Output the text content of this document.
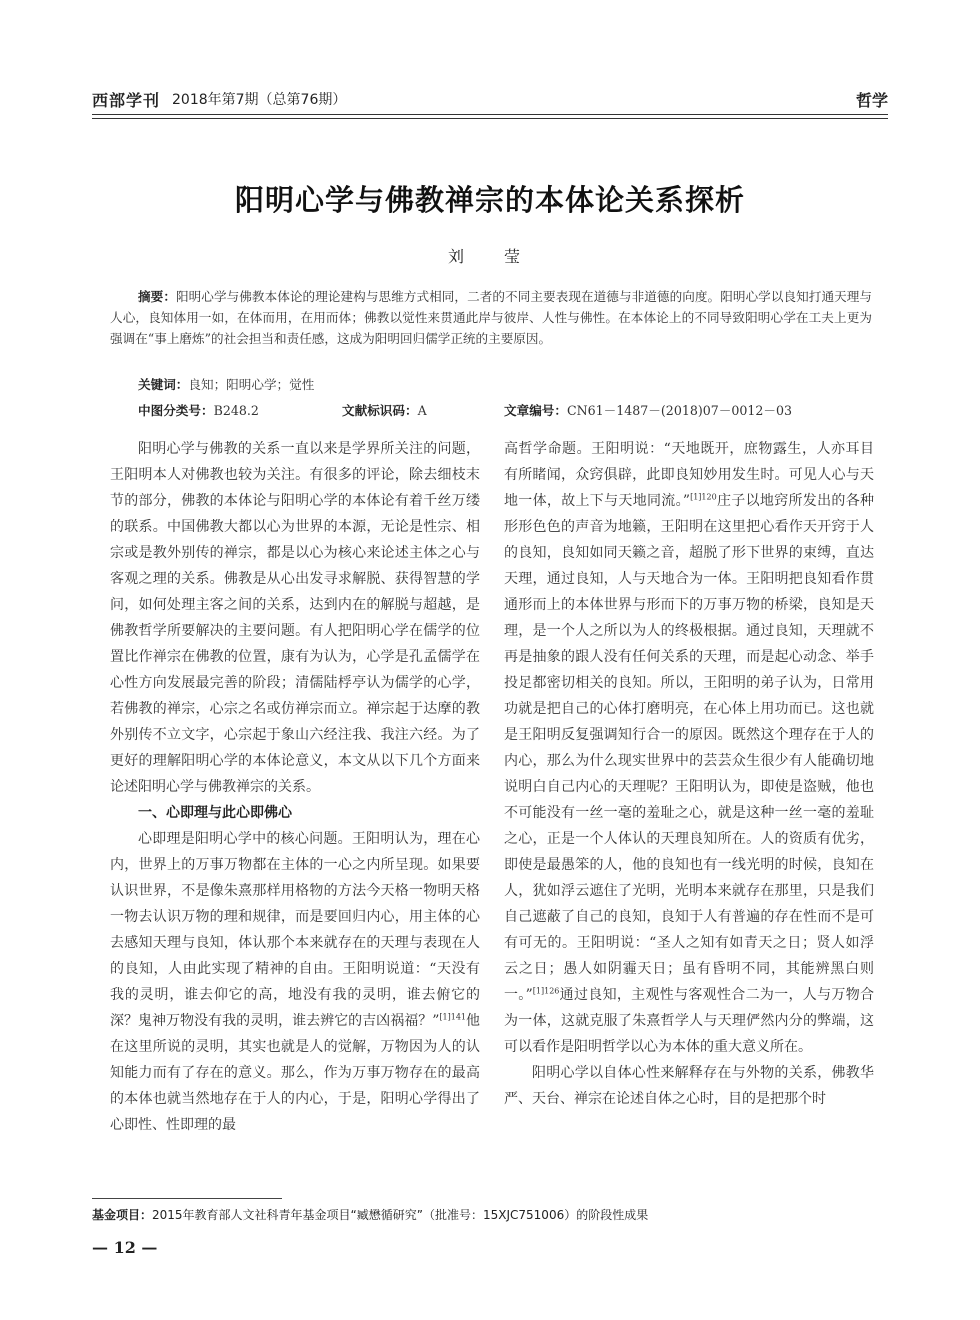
西部学刊 2018年第7期（总第76期）	哲学
阳明心学与佛教禅宗的本体论关系探析
刘　莹
摘要：阳明心学与佛教本体论的理论建构与思维方式相同，二者的不同主要表现在道德与非道德的向度。阳明心学以良知打通天理与人心，良知体用一如，在体而用，在用而体；佛教以觉性来贯通此岸与彼岸、人性与佛性。在本体论上的不同导致阳明心学在工夫上更为强调在“事上磨炼”的社会担当和责任感，这成为阳明回归儒学正统的主要原因。
关键词：良知；阳明心学；觉性
中图分类号：B248.2	文献标识码：A	文章编号：CN61－1487－(2018)07－0012－03

阳明心学与佛教的关系一直以来是学界所关注的问题，王阳明本人对佛教也较为关注。有很多的评论，除去细枝末节的部分，佛教的本体论与阳明心学的本体论有着千丝万缕的联系。中国佛教大都以心为世界的本源，无论是性宗、相宗或是教外别传的禅宗，都是以心为核心来论述主体之心与客观之理的关系。佛教是从心出发寻求解脱、获得智慧的学问，如何处理主客之间的关系，达到内在的解脱与超越，是佛教哲学所要解决的主要问题。有人把阳明心学在儒学的位置比作禅宗在佛教的位置，康有为认为，心学是孔孟儒学在心性方向发展最完善的阶段；清儒陆桴亭认为儒学的心学，若佛教的禅宗，心宗之名或仿禅宗而立。禅宗起于达摩的教外别传不立文字，心宗起于象山六经注我、我注六经。为了更好的理解阳明心学的本体论意义，本文从以下几个方面来论述阳明心学与佛教禅宗的关系。

一、心即理与此心即佛心

心即理是阳明心学中的核心问题。王阳明认为，理在心内，世界上的万事万物都在主体的一心之内所呈现。如果要认识世界，不是像朱熹那样用格物的方法今天格一物明天格一物去认识万物的理和规律，而是要回归内心，用主体的心去感知天理与良知，体认那个本来就存在的天理与表现在人的良知，人由此实现了精神的自由。王阳明说道：“天没有我的灵明，谁去仰它的高，地没有我的灵明，谁去俯它的深？鬼神万物没有我的灵明，谁去辨它的吉凶祸福？”$^{[1]141}$他在这里所说的灵明，其实也就是人的觉解，万物因为人的认知能力而有了存在的意义。那么，作为万事万物存在的最高的本体也就当然地存在于人的内心，于是，阳明心学得出了心即性、性即理的最

高哲学命题。王阳明说：“天地既开，庶物露生，人亦耳目有所睹闻，众窍俱辟，此即良知妙用发生时。可见人心与天地一体，故上下与天地同流。”$^{[1]120}$庄子以地窍所发出的各种形形色色的声音为地籁，王阳明在这里把心看作天开窍于人的良知，良知如同天籁之音，超脱了形下世界的束缚，直达天理，通过良知，人与天地合为一体。王阳明把良知看作贯通形而上的本体世界与形而下的万事万物的桥梁，良知是天理，是一个人之所以为人的终极根据。通过良知，天理就不再是抽象的跟人没有任何关系的天理，而是起心动念、举手投足都密切相关的良知。所以，王阳明的弟子认为，日常用功就是把自己的心体打磨明亮，在心体上用功而已。这也就是王阳明反复强调知行合一的原因。既然这个理存在于人的内心，那么为什么现实世界中的芸芸众生很少有人能确切地说明白自己内心的天理呢？王阳明认为，即使是盗贼，他也不可能没有一丝一毫的羞耻之心，就是这种一丝一毫的羞耻之心，正是一个人体认的天理良知所在。人的资质有优劣，即使是最愚笨的人，他的良知也有一线光明的时候，良知在人，犹如浮云遮住了光明，光明本来就存在那里，只是我们自己遮蔽了自己的良知，良知于人有普遍的存在性而不是可有可无的。王阳明说：“圣人之知有如青天之日；贤人如浮云之日；愚人如阴霾天日；虽有昏明不同，其能辨黑白则一。”$^{[1]126}$通过良知，主观性与客观性合二为一，人与万物合为一体，这就克服了朱熹哲学人与天理俨然内分的弊端，这可以看作是阳明哲学以心为本体的重大意义所在。

阳明心学以自体心性来解释存在与外物的关系，佛教华严、天台、禅宗在论述自体之心时，目的是把那个时

基金项目：2015年教育部人文社科青年基金项目“臧懋循研究”（批准号：15XJC751006）的阶段性成果
— 12 —
